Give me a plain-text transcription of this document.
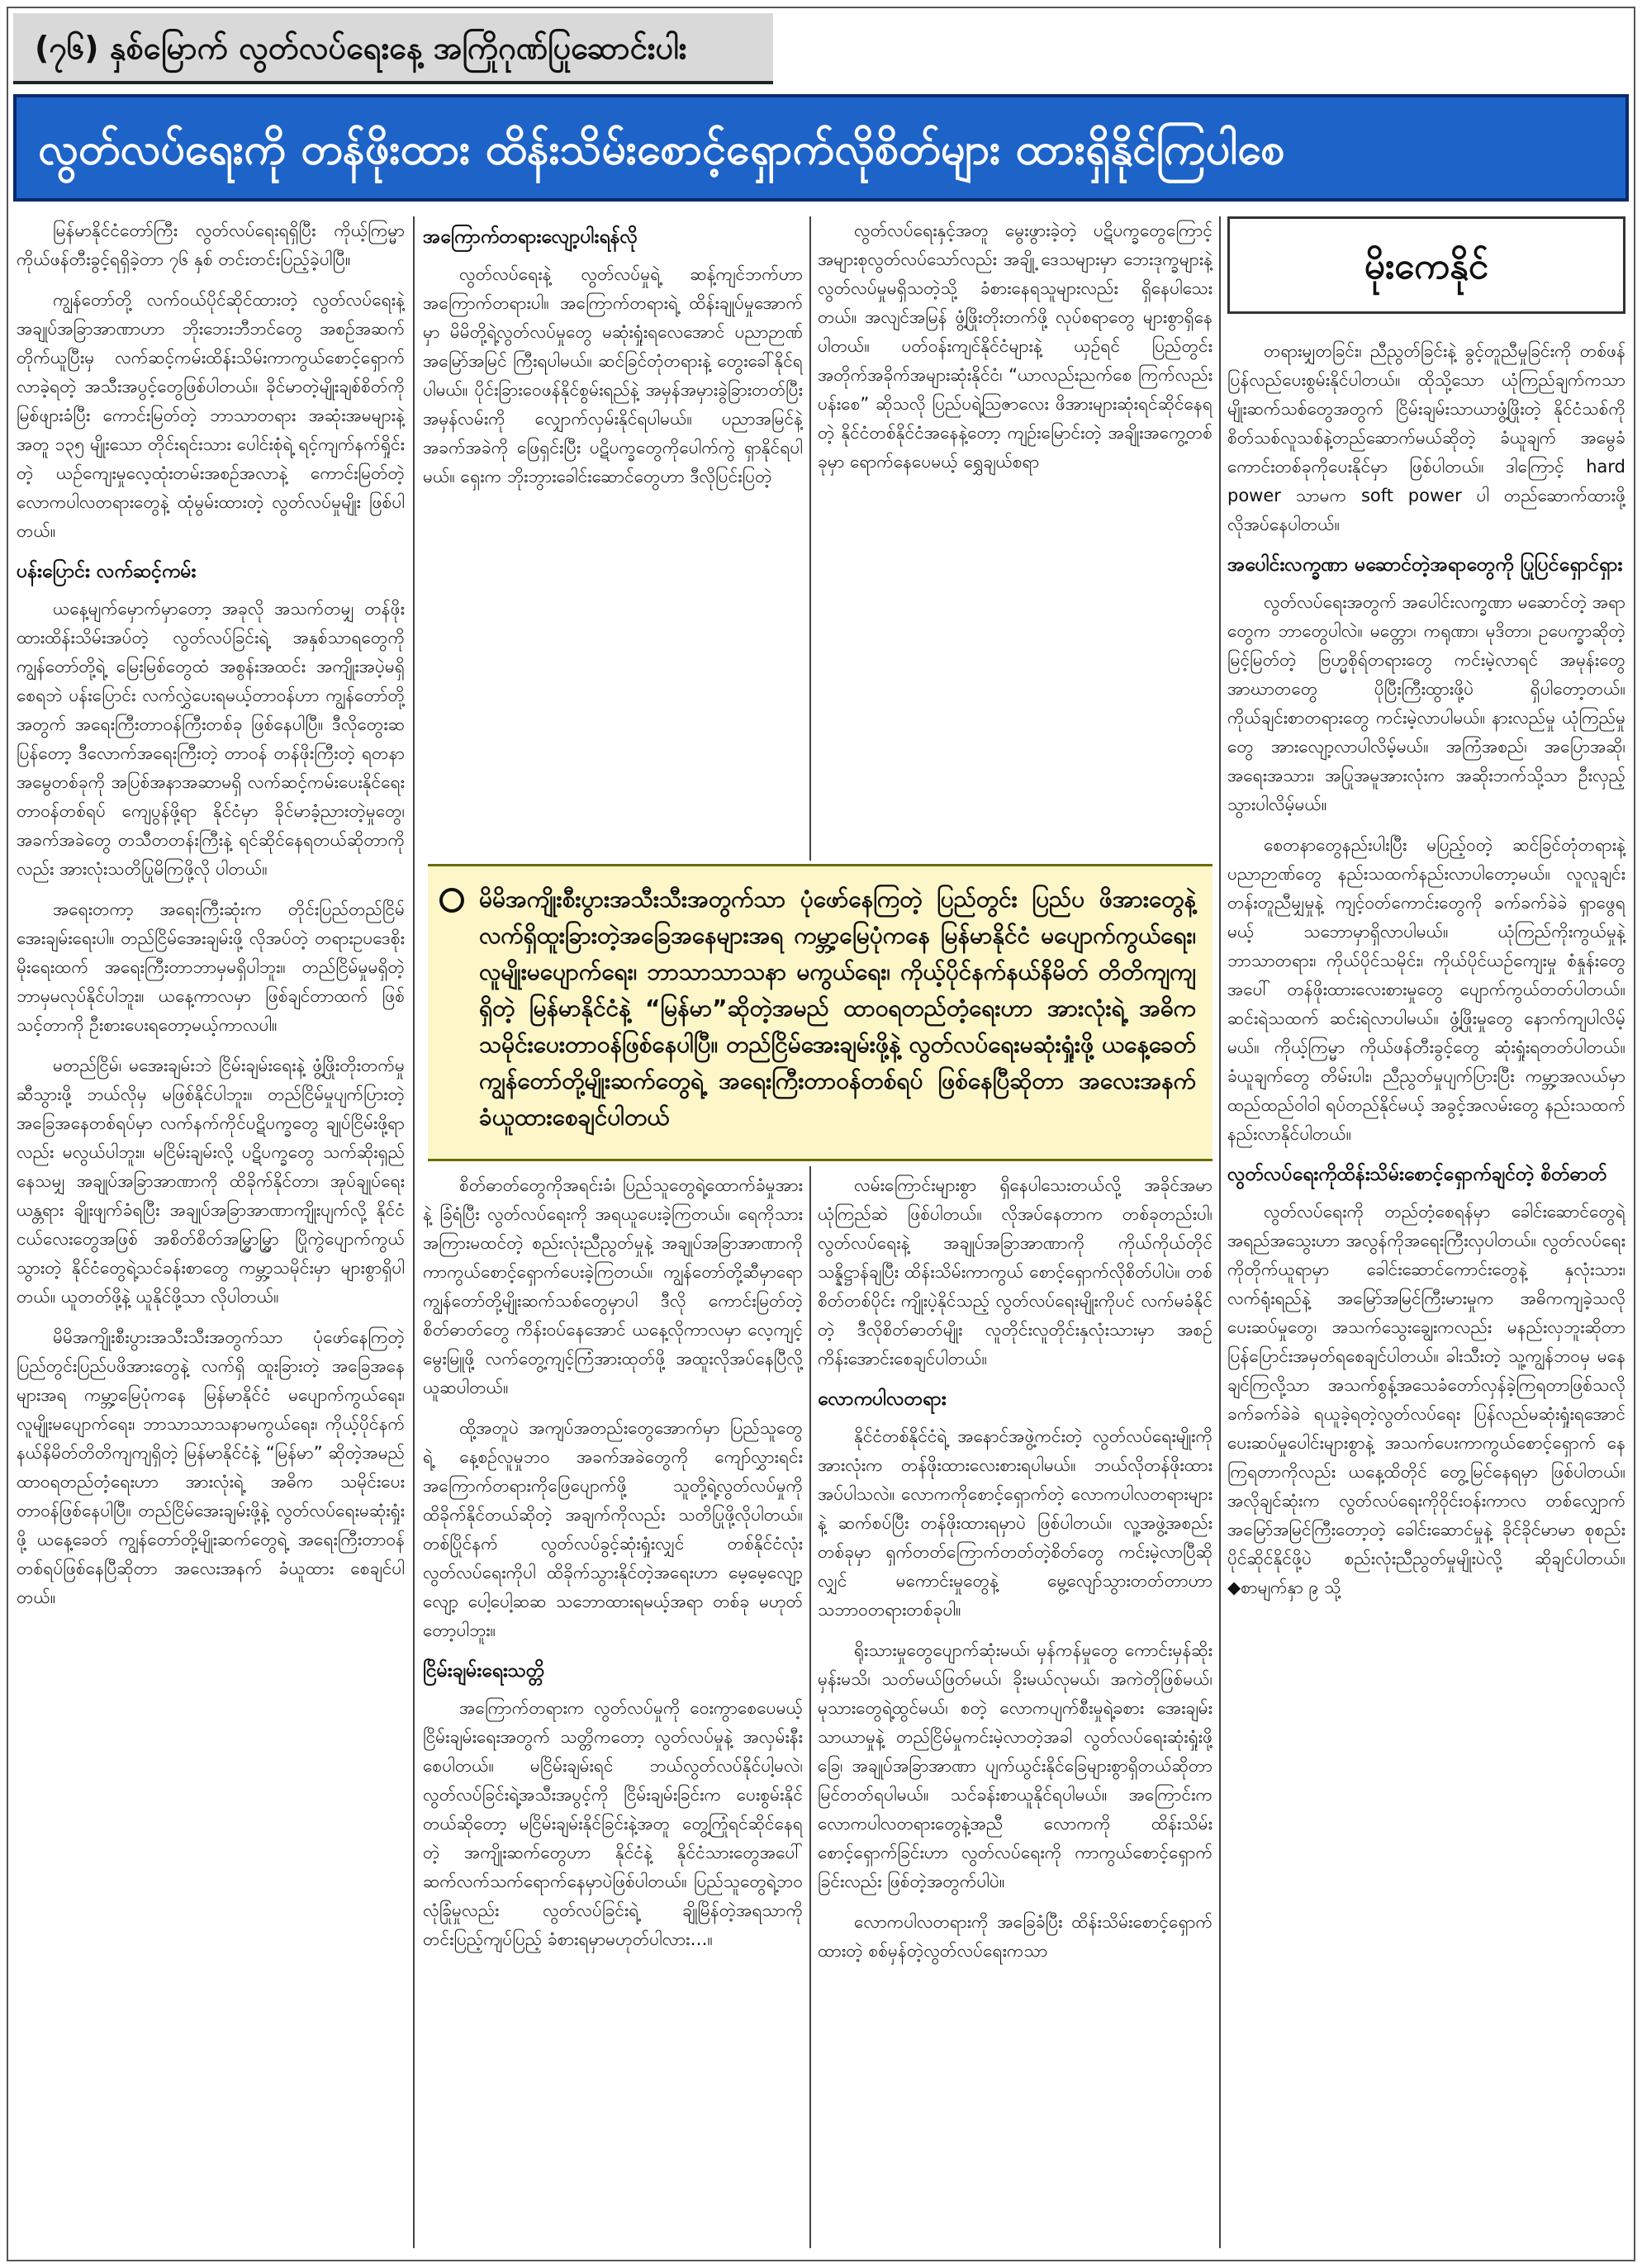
(၇၆) နှစ်မြောက် လွတ်လပ်ရေးနေ့ အကြိုဂုဏ်ပြုဆောင်းပါး
လွတ်လပ်ရေးကို တန်ဖိုးထား ထိန်းသိမ်းစောင့်ရှောက်လိုစိတ်များ ထားရှိနိုင်ကြပါစေ
မိုးကေနိုင်

မြန်မာနိုင်ငံတော်ကြီး လွတ်လပ်ရေးရရှိပြီး ကိုယ့်ကြမ္မာ ကိုယ်ဖန်တီးခွင့်ရရှိခဲ့တာ ၇၆ နှစ် တင်းတင်းပြည့်ခဲ့ပါပြီ။

ကျွန်တော်တို့ လက်ဝယ်ပိုင်ဆိုင်ထားတဲ့ လွတ်လပ်ရေးနဲ့ အချုပ်အခြာအာဏာဟာ ဘိုးဘေးဘီဘင်တွေ အစဉ်အဆက်တိုက်ယူပြီးမှ လက်ဆင့်ကမ်းထိန်းသိမ်းကာကွယ်စောင့်ရှောက်လာခဲ့ရတဲ့ အသီးအပွင့်တွေဖြစ်ပါတယ်။ ခိုင်မာတဲ့မျိုးချစ်စိတ်ကို မြစ်ဖျားခံပြီး ကောင်းမြတ်တဲ့ ဘာသာတရား အဆုံးအမများနဲ့အတူ ၁၃၅ မျိုးသော တိုင်းရင်းသား ပေါင်းစုံရဲ့ ရင့်ကျက်နက်ရှိုင်းတဲ့ ယဉ်ကျေးမှုလေ့ထုံးတမ်းအစဉ်အလာနဲ့ ကောင်းမြတ်တဲ့ လောကပါလတရားတွေနဲ့ ထုံမွမ်းထားတဲ့ လွတ်လပ်မှုမျိုး ဖြစ်ပါတယ်။

ပန်းပြောင်း လက်ဆင့်ကမ်း

ယနေ့မျက်မှောက်မှာတော့ အခုလို အသက်တမျှ တန်ဖိုးထားထိန်းသိမ်းအပ်တဲ့ လွတ်လပ်ခြင်းရဲ့ အနှစ်သာရတွေကို ကျွန်တော်တို့ရဲ့ မြေးမြစ်တွေထံ အစွန်းအထင်း အကျိုးအပဲ့မရှိစေရဘဲ ပန်းပြောင်း လက်လွှဲပေးရမယ့်တာဝန်ဟာ ကျွန်တော်တို့အတွက် အရေးကြီးတာဝန်ကြီးတစ်ခု ဖြစ်နေပါပြီ။ ဒီလိုတွေးဆပြန်တော့ ဒီလောက်အရေးကြီးတဲ့ တာဝန် တန်ဖိုးကြီးတဲ့ ရတနာအမွေတစ်ခုကို အပြစ်အနာအဆာမရှိ လက်ဆင့်ကမ်းပေးနိုင်ရေးတာဝန်တစ်ရပ် ကျေပွန်ဖို့ရာ နိုင်ငံမှာ ခိုင်မာခံ့ညားတဲ့မှုတွေ၊ အခက်အခဲတွေ တသီတတန်းကြီးနဲ့ ရင်ဆိုင်နေရတယ်ဆိုတာကိုလည်း အားလုံးသတိပြုမိကြဖို့လို ပါတယ်။

အရေးတကာ့ အရေးကြီးဆုံးက တိုင်းပြည်တည်ငြိမ် အေးချမ်းရေးပါ။ တည်ငြိမ်အေးချမ်းဖို့ လိုအပ်တဲ့ တရားဥပဒေစိုးမိုးရေးထက် အရေးကြီးတာဘာမှမရှိပါဘူး။ တည်ငြိမ်မှုမရှိတဲ့ ဘာမှမလုပ်နိုင်ပါဘူး။ ယနေ့ကာလမှာ ဖြစ်ချင်တာထက် ဖြစ်သင့်တာကို ဦးစားပေးရတော့မယ့်ကာလပါ။

မတည်ငြိမ်၊ မအေးချမ်းဘဲ ငြိမ်းချမ်းရေးနဲ့ ဖွံ့ဖြိုးတိုးတက်မှုဆီသွားဖို့ ဘယ်လိုမှ မဖြစ်နိုင်ပါဘူး။ တည်ငြိမ်မှုပျက်ပြားတဲ့ အခြေအနေတစ်ရပ်မှာ လက်နက်ကိုင်ပဋိပက္ခတွေ ချုပ်ငြိမ်းဖို့ရာလည်း မလွယ်ပါဘူး။ မငြိမ်းချမ်းလို့ ပဋိပက္ခတွေ သက်ဆိုးရှည်နေသမျှ အချုပ်အခြာအာဏာကို ထိခိုက်နိုင်တာ၊ အုပ်ချုပ်ရေးယန္တရား ချိုးဖျက်ခံရပြီး အချုပ်အခြာအာဏာကျိုးပျက်လို့ နိုင်ငံငယ်လေးတွေအဖြစ် အစိတ်စိတ်အမြွှာမြွှာ ပြိုကွဲပျောက်ကွယ်သွားတဲ့ နိုင်ငံတွေရဲ့သင်ခန်းစာတွေ ကမ္ဘာ့သမိုင်းမှာ များစွာရှိပါတယ်။ ယူတတ်ဖို့နဲ့ ယူနိုင်ဖို့သာ လိုပါတယ်။

မိမိအကျိုးစီးပွားအသီးသီးအတွက်သာ ပုံဖော်နေကြတဲ့ ပြည်တွင်းပြည်ပဖိအားတွေနဲ့ လက်ရှိ ထူးခြားတဲ့ အခြေအနေများအရ ကမ္ဘာ့မြေပုံကနေ မြန်မာနိုင်ငံ မပျောက်ကွယ်ရေး၊ လူမျိုးမပျောက်ရေး၊ ဘာသာသာသနာမကွယ်ရေး၊ ကိုယ့်ပိုင်နက် နယ်နိမိတ်တိတိကျကျရှိတဲ့ မြန်မာနိုင်ငံနဲ့ “မြန်မာ” ဆိုတဲ့အမည် ထာဝရတည်တံ့ရေးဟာ အားလုံးရဲ့ အဓိက သမိုင်းပေးတာဝန်ဖြစ်နေပါပြီ။ တည်ငြိမ်အေးချမ်းဖို့နဲ့ လွတ်လပ်ရေးမဆုံးရှုံးဖို့ ယနေ့ခေတ် ကျွန်တော်တို့မျိုးဆက်တွေရဲ့ အရေးကြီးတာဝန်တစ်ရပ်ဖြစ်နေပြီဆိုတာ အလေးအနက် ခံယူထား စေချင်ပါတယ်။

အကြောက်တရားလျော့ပါးရန်လို

လွတ်လပ်ရေးနဲ့ လွတ်လပ်မှုရဲ့ ဆန့်ကျင်ဘက်ဟာ အကြောက်တရားပါ။ အကြောက်တရားရဲ့ ထိန်းချုပ်မှုအောက်မှာ မိမိတို့ရဲ့လွတ်လပ်မှုတွေ မဆုံးရှုံးရလေအောင် ပညာဉာဏ်အမြော်အမြင် ကြီးရပါမယ်။ ဆင်ခြင်တုံတရားနဲ့ တွေးခေါ်နိုင်ရပါမယ်။ ပိုင်းခြားဝေဖန်နိုင်စွမ်းရည်နဲ့ အမှန်အမှားခွဲခြားတတ်ပြီး အမှန်လမ်းကို လျှောက်လှမ်းနိုင်ရပါမယ်။ ပညာအမြင်နဲ့ အခက်အခဲကို ဖြေရှင်းပြီး ပဋိပက္ခတွေကိုပေါက်ကွဲ ရှာနိုင်ရပါမယ်။ ရှေးက ဘိုးဘွားခေါင်းဆောင်တွေဟာ ဒီလိုပြင်းပြတဲ့

လွတ်လပ်ရေးနှင့်အတူ မွေးဖွားခဲ့တဲ့ ပဋိပက္ခတွေကြောင့် အများစုလွတ်လပ်သော်လည်း အချို့ ဒေသများမှာ ဘေးဒုက္ခများနဲ့လွတ်လပ်မှုမရှိသတဲ့သို့ ခံစားနေရသူများလည်း ရှိနေပါသေးတယ်။ အလျင်အမြန် ဖွံ့ဖြိုးတိုးတက်ဖို့ လုပ်စရာတွေ များစွာရှိနေပါတယ်။ ပတ်ဝန်းကျင်နိုင်ငံများနဲ့ ယှဉ်ရင် ပြည်တွင်းအတိုက်အခိုက်အများဆုံးနိုင်ငံ၊ “ယာလည်းညက်စေ ကြက်လည်းပန်းစေ” ဆိုသလို ပြည်ပရဲ့ဩဇာလေး ဖိအားများဆုံးရင်ဆိုင်နေရတဲ့ နိုင်ငံတစ်နိုင်ငံအနေနဲ့တော့ ကျဉ်းမြောင်းတဲ့ အချိုးအကွေ့တစ်ခုမှာ ရောက်နေပေမယ့် ရွှေချယ်စရာ

မိမိအကျိုးစီးပွားအသီးသီးအတွက်သာ ပုံဖော်နေကြတဲ့ ပြည်တွင်း ပြည်ပ ဖိအားတွေနဲ့ လက်ရှိထူးခြားတဲ့အခြေအနေများအရ ကမ္ဘာ့မြေပုံကနေ မြန်မာနိုင်ငံ မပျောက်ကွယ်ရေး၊ လူမျိုးမပျောက်ရေး၊ ဘာသာသာသနာ မကွယ်ရေး၊ ကိုယ့်ပိုင်နက်နယ်နိမိတ် တိတိကျကျရှိတဲ့ မြန်မာနိုင်ငံနဲ့ “မြန်မာ”ဆိုတဲ့အမည် ထာဝရတည်တံ့ရေးဟာ အားလုံးရဲ့ အဓိကသမိုင်းပေးတာဝန်ဖြစ်နေပါပြီ။ တည်ငြိမ်အေးချမ်းဖို့နဲ့ လွတ်လပ်ရေးမဆုံးရှုံးဖို့ ယနေ့ခေတ် ကျွန်တော်တို့မျိုးဆက်တွေရဲ့ အရေးကြီးတာဝန်တစ်ရပ် ဖြစ်နေပြီဆိုတာ အလေးအနက် ခံယူထားစေချင်ပါတယ်

စိတ်ဓာတ်တွေကိုအရင်းခံ၊ ပြည်သူတွေရဲ့ထောက်ခံမှုအားနဲ့ ခြံရံပြီး လွတ်လပ်ရေးကို အရယူပေးခဲ့ကြတယ်။ ရေကိုသား အကြားမထင်တဲ့ စည်းလုံးညီညွတ်မှုနဲ့ အချုပ်အခြာအာဏာကို ကာကွယ်စောင့်ရှောက်ပေးခဲ့ကြတယ်။ ကျွန်တော်တို့ဆီမှာရော ကျွန်တော်တို့မျိုးဆက်သစ်တွေမှာပါ ဒီလို ကောင်းမြတ်တဲ့စိတ်ဓာတ်တွေ ကိန်းဝပ်နေအောင် ယနေ့လိုကာလမှာ လေ့ကျင့်မွေးမြူဖို့ လက်တွေ့ကျင့်ကြံအားထုတ်ဖို့ အထူးလိုအပ်နေပြီလို့ ယူဆပါတယ်။

ထို့အတူပဲ အကျပ်အတည်းတွေအောက်မှာ ပြည်သူတွေရဲ့ နေ့စဉ်လူမှုဘဝ အခက်အခဲတွေကို ကျော်လွှားရင်း အကြောက်တရားကိုဖြေပျောက်ဖို့ သူတို့ရဲ့လွတ်လပ်မှုကို ထိခိုက်နိုင်တယ်ဆိုတဲ့ အချက်ကိုလည်း သတိပြုဖို့လိုပါတယ်။ တစ်ပြိုင်နက် လွတ်လပ်ခွင့်ဆုံးရှုံးလျှင် တစ်နိုင်ငံလုံးလွတ်လပ်ရေးကိုပါ ထိခိုက်သွားနိုင်တဲ့အရေးဟာ မေ့မေ့လျော့လျော့ ပေါ့ပေါ့ဆဆ သဘောထားရမယ့်အရာ တစ်ခု မဟုတ်တော့ပါဘူး။

ငြိမ်းချမ်းရေးသတ္တိ

အကြောက်တရားက လွတ်လပ်မှုကို ဝေးကွာစေပေမယ့် ငြိမ်းချမ်းရေးအတွက် သတ္တိကတော့ လွတ်လပ်မှုနဲ့ အလှမ်းနီးစေပါတယ်။ မငြိမ်းချမ်းရင် ဘယ်လွတ်လပ်နိုင်ပါ့မလဲ၊ လွတ်လပ်ခြင်းရဲ့အသီးအပွင့်ကို ငြိမ်းချမ်းခြင်းက ပေးစွမ်းနိုင်တယ်ဆိုတော့ မငြိမ်းချမ်းနိုင်ခြင်းနဲ့အတူ တွေ့ကြုံရင်ဆိုင်နေရတဲ့ အကျိုးဆက်တွေဟာ နိုင်ငံနဲ့ နိုင်ငံသားတွေအပေါ် ဆက်လက်သက်ရောက်နေမှာပဲဖြစ်ပါတယ်။ ပြည်သူတွေရဲ့ဘဝ လုံခြုံမှုလည်း လွတ်လပ်ခြင်းရဲ့ ချိုမြိန်တဲ့အရသာကို တင်းပြည့်ကျပ်ပြည့် ခံစားရမှာမဟုတ်ပါလား…။

လမ်းကြောင်းများစွာ ရှိနေပါသေးတယ်လို့ အခိုင်အမာယုံကြည်ဆဲ ဖြစ်ပါတယ်။ လိုအပ်နေတာက တစ်ခုတည်းပါ၊ လွတ်လပ်ရေးနဲ့ အချုပ်အခြာအာဏာကို ကိုယ်ကိုယ်တိုင် သန္နိဋ္ဌာန်ချပြီး ထိန်းသိမ်းကာကွယ် စောင့်ရှောက်လိုစိတ်ပါပဲ။ တစ်စိတ်တစ်ပိုင်း ကျိုးပဲ့နိုင်သည့် လွတ်လပ်ရေးမျိုးကိုပင် လက်မခံနိုင်တဲ့ ဒီလိုစိတ်ဓာတ်မျိုး လူတိုင်းလူတိုင်းနှလုံးသားမှာ အစဉ်ကိန်းအောင်းစေချင်ပါတယ်။

လောကပါလတရား

နိုင်ငံတစ်နိုင်ငံရဲ့ အနောင်အဖွဲ့ကင်းတဲ့ လွတ်လပ်ရေးမျိုးကို အားလုံးက တန်ဖိုးထားလေးစားရပါမယ်။ ဘယ်လိုတန်ဖိုးထားအပ်ပါသလဲ။ လောကကိုစောင့်ရှောက်တဲ့ လောကပါလတရားများနဲ့ ဆက်စပ်ပြီး တန်ဖိုးထားရမှာပဲ ဖြစ်ပါတယ်။ လူ့အဖွဲ့အစည်းတစ်ခုမှာ ရှက်တတ်ကြောက်တတ်တဲ့စိတ်တွေ ကင်းမဲ့လာပြီဆိုလျှင် မကောင်းမှုတွေနဲ့ မွေ့လျော်သွားတတ်တာဟာ သဘာဝတရားတစ်ခုပါ။

ရိုးသားမှုတွေပျောက်ဆုံးမယ်၊ မှန်ကန်မှုတွေ ကောင်းမှန်ဆိုးမှန်းမသိ၊ သတ်မယ်ဖြတ်မယ်၊ ခိုးမယ်လုမယ်၊ အကဲတိုဖြစ်မယ်၊ မုသားတွေရဲ့ထွင်မယ်၊ စတဲ့ လောကပျက်စီးမှုရဲ့ခစား အေးချမ်းသာယာမှုနဲ့ တည်ငြိမ်မှုကင်းမဲ့လာတဲ့အခါ လွတ်လပ်ရေးဆုံးရှုံးဖို့ခြေ၊ အချုပ်အခြာအာဏာ ပျက်ယွင်းနိုင်ခြေများစွာရှိတယ်ဆိုတာ မြင်တတ်ရပါမယ်။ သင်ခန်းစာယူနိုင်ရပါမယ်။ အကြောင်းက လောကပါလတရားတွေနဲ့အညီ လောကကို ထိန်းသိမ်းစောင့်ရှောက်ခြင်းဟာ လွတ်လပ်ရေးကို ကာကွယ်စောင့်ရှောက်ခြင်းလည်း ဖြစ်တဲ့အတွက်ပါပဲ။

လောကပါလတရားကို အခြေခံပြီး ထိန်းသိမ်းစောင့်ရှောက်ထားတဲ့ စစ်မှန်တဲ့လွတ်လပ်ရေးကသာ

တရားမျှတခြင်း၊ ညီညွတ်ခြင်းနဲ့ ခွင့်တူညီမှုခြင်းကို တစ်ဖန်ပြန်လည်ပေးစွမ်းနိုင်ပါတယ်။ ထိုသို့သော ယုံကြည်ချက်ကသာ မျိုးဆက်သစ်တွေအတွက် ငြိမ်းချမ်းသာယာဖွံ့ဖြိုးတဲ့ နိုင်ငံသစ်ကို စိတ်သစ်လူသစ်နဲ့တည်ဆောက်မယ်ဆိုတဲ့ ခံယူချက် အမွေခံကောင်းတစ်ခုကိုပေးနိုင်မှာ ဖြစ်ပါတယ်။ ဒါကြောင့် hard power သာမက soft power ပါ တည်ဆောက်ထားဖို့ လိုအပ်နေပါတယ်။

အပေါင်းလက္ခဏာ မဆောင်တဲ့အရာတွေကို ပြုပြင်ရှောင်ရှား

လွတ်လပ်ရေးအတွက် အပေါင်းလက္ခဏာ မဆောင်တဲ့ အရာတွေက ဘာတွေပါလဲ။ မတ္တော၊ ကရုဏာ၊ မုဒိတာ၊ ဥပေက္ခာဆိုတဲ့ မြင့်မြတ်တဲ့ ဗြဟ္မစိုရ်တရားတွေ ကင်းမဲ့လာရင် အမုန်းတွေ အာဃာတတွေ ပိုပြီးကြီးထွားဖို့ပဲ ရှိပါတော့တယ်။ ကိုယ်ချင်းစာတရားတွေ ကင်းမဲ့လာပါမယ်။ နားလည်မှု ယုံကြည်မှုတွေ အားလျော့လာပါလိမ့်မယ်။ အကြံအစည်၊ အပြောအဆို၊ အရေးအသား၊ အပြုအမူအားလုံးက အဆိုးဘက်သို့သာ ဦးလှည့်သွားပါလိမ့်မယ်။

စေတနာတွေနည်းပါးပြီး မပြည့်ဝတဲ့ ဆင်ခြင်တုံတရားနဲ့ ပညာဉာဏ်တွေ နည်းသထက်နည်းလာပါတော့မယ်။ လူလူချင်း တန်းတူညီမျှမှုနဲ့ ကျင့်ဝတ်ကောင်းတွေကို ခက်ခက်ခဲခဲ ရှာဖွေရမယ့် သဘောမှာရှိလာပါမယ်။ ယုံကြည်ကိုးကွယ်မှုနဲ့ ဘာသာတရား၊ ကိုယ်ပိုင်သမိုင်း၊ ကိုယ်ပိုင်ယဉ်ကျေးမှု စံနှုန်းတွေအပေါ် တန်ဖိုးထားလေးစားမှုတွေ ပျောက်ကွယ်တတ်ပါတယ်။ ဆင်းရဲသထက် ဆင်းရဲလာပါမယ်။ ဖွံ့ဖြိုးမှုတွေ နောက်ကျပါလိမ့်မယ်။ ကိုယ့်ကြမ္မာ ကိုယ်ဖန်တီးခွင့်တွေ ဆုံးရှုံးရတတ်ပါတယ်။ ခံယူချက်တွေ တိမ်းပါး၊ ညီညွတ်မှုပျက်ပြားပြီး ကမ္ဘာ့အလယ်မှာ ထည်ထည်ဝါဝါ ရပ်တည်နိုင်မယ့် အခွင့်အလမ်းတွေ နည်းသထက် နည်းလာနိုင်ပါတယ်။

လွတ်လပ်ရေးကိုထိန်းသိမ်းစောင့်ရှောက်ချင်တဲ့ စိတ်ဓာတ်

လွတ်လပ်ရေးကို တည်တံ့စေရန်မှာ ခေါင်းဆောင်တွေရဲ့အရည်အသွေးဟာ အလွန်ကိုအရေးကြီးလှပါတယ်။ လွတ်လပ်ရေးကိုတိုက်ယူရာမှာ ခေါင်းဆောင်ကောင်းတွေနဲ့ နှလုံးသား၊ လက်ရုံးရည်နဲ့ အမြော်အမြင်ကြီးမားမှုက အဓိကကျခဲ့သလို ပေးဆပ်မှုတွေ၊ အသက်သွေးချွေးကလည်း မနည်းလှဘူးဆိုတာ ပြန်ပြောင်းအမှတ်ရစေချင်ပါတယ်။ ခါးသီးတဲ့ သူ့ကျွန်ဘဝမှ မနေချင်ကြလို့သာ အသက်စွန့်အသေခံတော်လှန်ခဲ့ကြရတာဖြစ်သလို ခက်ခက်ခဲခဲ ရယူခဲ့ရတဲ့လွတ်လပ်ရေး ပြန်လည်မဆုံးရှုံးရအောင် ပေးဆပ်မှုပေါင်းများစွာနဲ့ အသက်ပေးကာကွယ်စောင့်ရှောက် နေကြရတာကိုလည်း ယနေ့ထိတိုင် တွေ့မြင်နေရမှာ ဖြစ်ပါတယ်။ အလိုချင်ဆုံးက လွတ်လပ်ရေးကိုဝိုင်းဝန်းကာလ တစ်လျှောက် အမြော်အမြင်ကြီးတော့တဲ့ ခေါင်းဆောင်မှုနဲ့ ခိုင်ခိုင်မာမာ စုစည်းပိုင်ဆိုင်နိုင်ဖို့ပဲ စည်းလုံးညီညွတ်မှုမျိုးပဲလို့ ဆိုချင်ပါတယ်။ ◆စာမျက်နှာ ၉ သို့
